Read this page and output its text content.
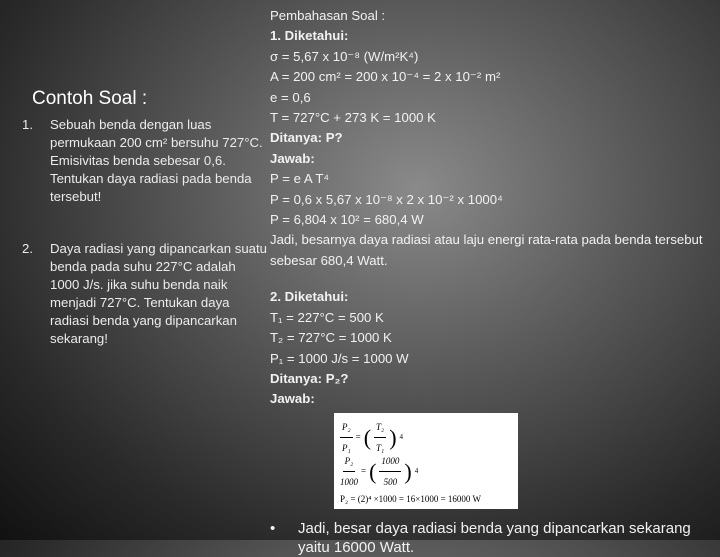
Contoh Soal :
1.	Sebuah benda dengan luas permukaan 200 cm² bersuhu 727°C. Emisivitas benda sebesar 0,6. Tentukan daya radiasi pada benda tersebut!
2.	Daya radiasi yang dipancarkan suatu benda pada suhu 227°C adalah 1000 J/s. jika suhu benda naik menjadi 727°C. Tentukan daya radiasi benda yang dipancarkan sekarang!
Pembahasan Soal :
1. Diketahui:
σ = 5,67 x 10⁻⁸ (W/m²K⁴)
A = 200 cm² = 200 x 10⁻⁴ = 2 x 10⁻² m²
e = 0,6
T = 727°C + 273 K = 1000 K
Ditanya: P?
Jawab:
P = e A T⁴
P = 0,6 x 5,67 x 10⁻⁸ x 2 x 10⁻² x 1000⁴
P = 6,804 x 10² = 680,4 W
Jadi, besarnya daya radiasi atau laju energi rata-rata pada benda tersebut sebesar 680,4 Watt.
2. Diketahui:
T₁ = 227°C = 500 K
T₂ = 727°C = 1000 K
P₁ = 1000 J/s = 1000 W
Ditanya: P₂?
Jawab:
$\frac{\text{P₂}}{\text{P₁}}$ = ( $\frac{\text{T₂}}{\text{T₁}}$ ) 4
$\frac{\text{P₂}}{1000}$ = ( $\frac{1000}{500}$ ) 4
P₂ = (2)⁴ ×1000 = 16×1000 = 16000 W
•	Jadi, besar daya radiasi benda yang dipancarkan sekarang yaitu 16000 Watt.
